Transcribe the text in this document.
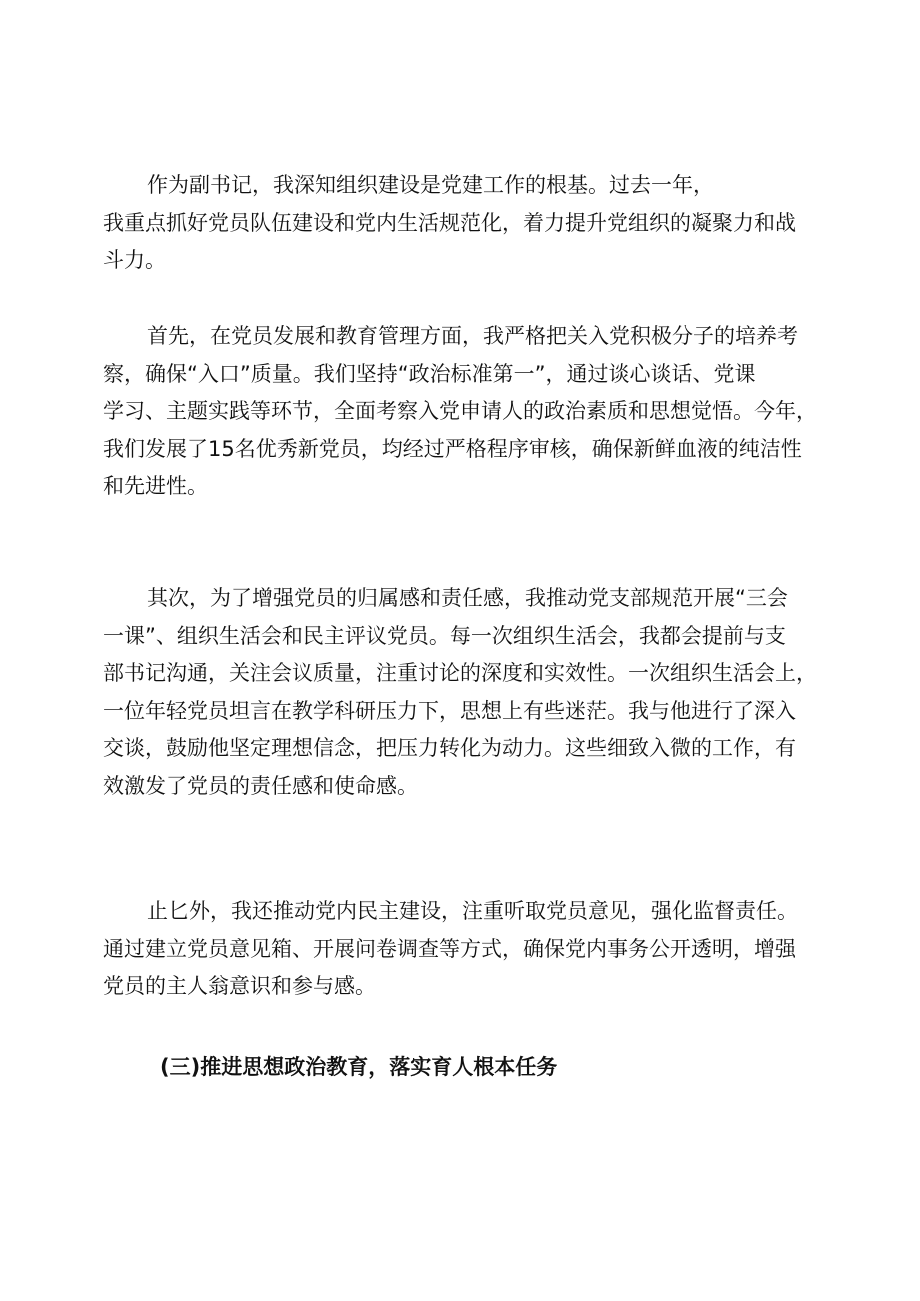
作为副书记，我深知组织建设是党建工作的根基。过去一年，
我重点抓好党员队伍建设和党内生活规范化，着力提升党组织的凝聚力和战
斗力。

首先，在党员发展和教育管理方面，我严格把关入党积极分子的培养考
察，确保“入口”质量。我们坚持“政治标准第一”，通过谈心谈话、党课
学习、主题实践等环节，全面考察入党申请人的政治素质和思想觉悟。今年，
我们发展了15名优秀新党员，均经过严格程序审核，确保新鲜血液的纯洁性
和先进性。

其次，为了增强党员的归属感和责任感，我推动党支部规范开展“三会
一课”、组织生活会和民主评议党员。每一次组织生活会，我都会提前与支
部书记沟通，关注会议质量，注重讨论的深度和实效性。一次组织生活会上，
一位年轻党员坦言在教学科研压力下，思想上有些迷茫。我与他进行了深入
交谈，鼓励他坚定理想信念，把压力转化为动力。这些细致入微的工作，有
效激发了党员的责任感和使命感。

止匕外，我还推动党内民主建设，注重听取党员意见，强化监督责任。
通过建立党员意见箱、开展问卷调查等方式，确保党内事务公开透明，增强
党员的主人翁意识和参与感。

(三)推进思想政治教育，落实育人根本任务
